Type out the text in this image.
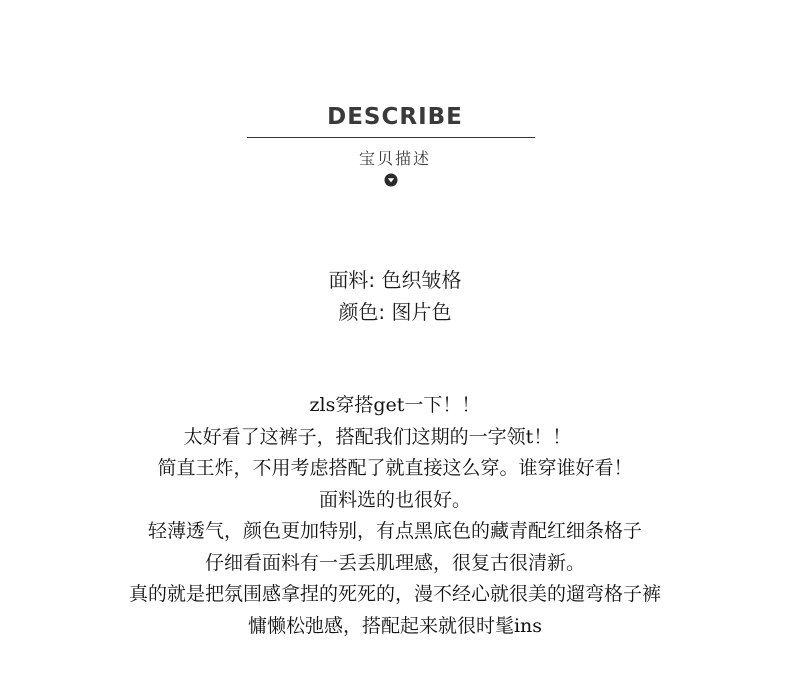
DESCRIBE
宝贝描述
面料: 色织皱格
颜色: 图片色
zls穿搭get一下！！
太好看了这裤子，搭配我们这期的一字领t！！
简直王炸，不用考虑搭配了就直接这么穿。谁穿谁好看！
面料选的也很好。
轻薄透气，颜色更加特别，有点黑底色的藏青配红细条格子
仔细看面料有一丢丢肌理感，很复古很清新。
真的就是把氛围感拿捏的死死的，漫不经心就很美的遛弯格子裤
慵懒松弛感，搭配起来就很时髦ins
